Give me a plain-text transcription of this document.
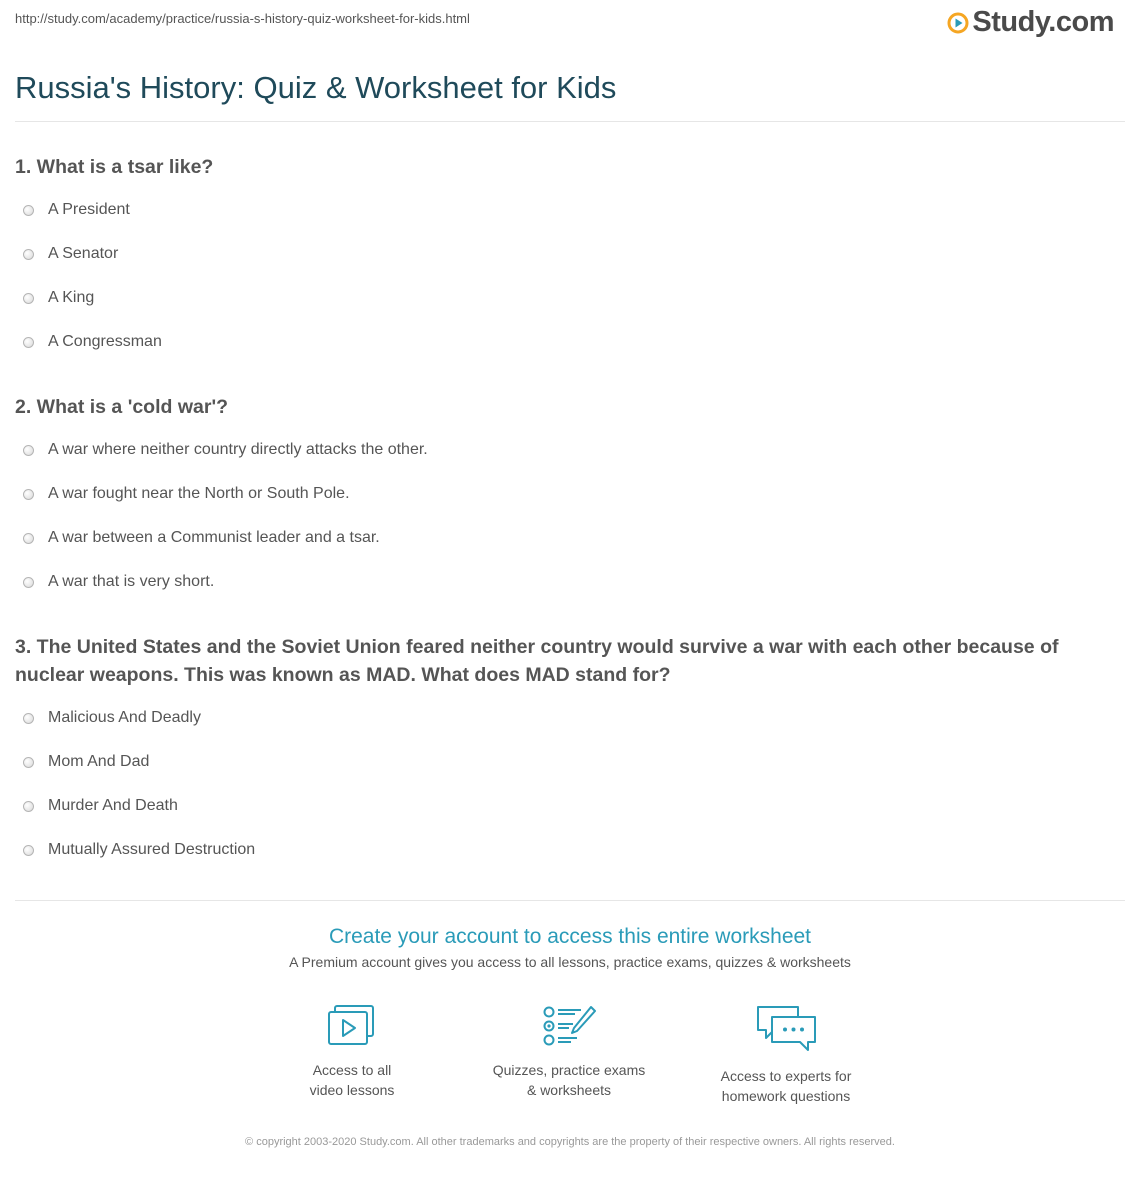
http://study.com/academy/practice/russia-s-history-quiz-worksheet-for-kids.html	Study.com
Russia's History: Quiz & Worksheet for Kids
1. What is a tsar like?
A President
A Senator
A King
A Congressman
2. What is a 'cold war'?
A war where neither country directly attacks the other.
A war fought near the North or South Pole.
A war between a Communist leader and a tsar.
A war that is very short.
3. The United States and the Soviet Union feared neither country would survive a war with each other because of nuclear weapons. This was known as MAD. What does MAD stand for?
Malicious And Deadly
Mom And Dad
Murder And Death
Mutually Assured Destruction
Create your account to access this entire worksheet
A Premium account gives you access to all lessons, practice exams, quizzes & worksheets
Access to all
video lessons
Quizzes, practice exams
& worksheets
Access to experts for
homework questions
© copyright 2003-2020 Study.com. All other trademarks and copyrights are the property of their respective owners. All rights reserved.
